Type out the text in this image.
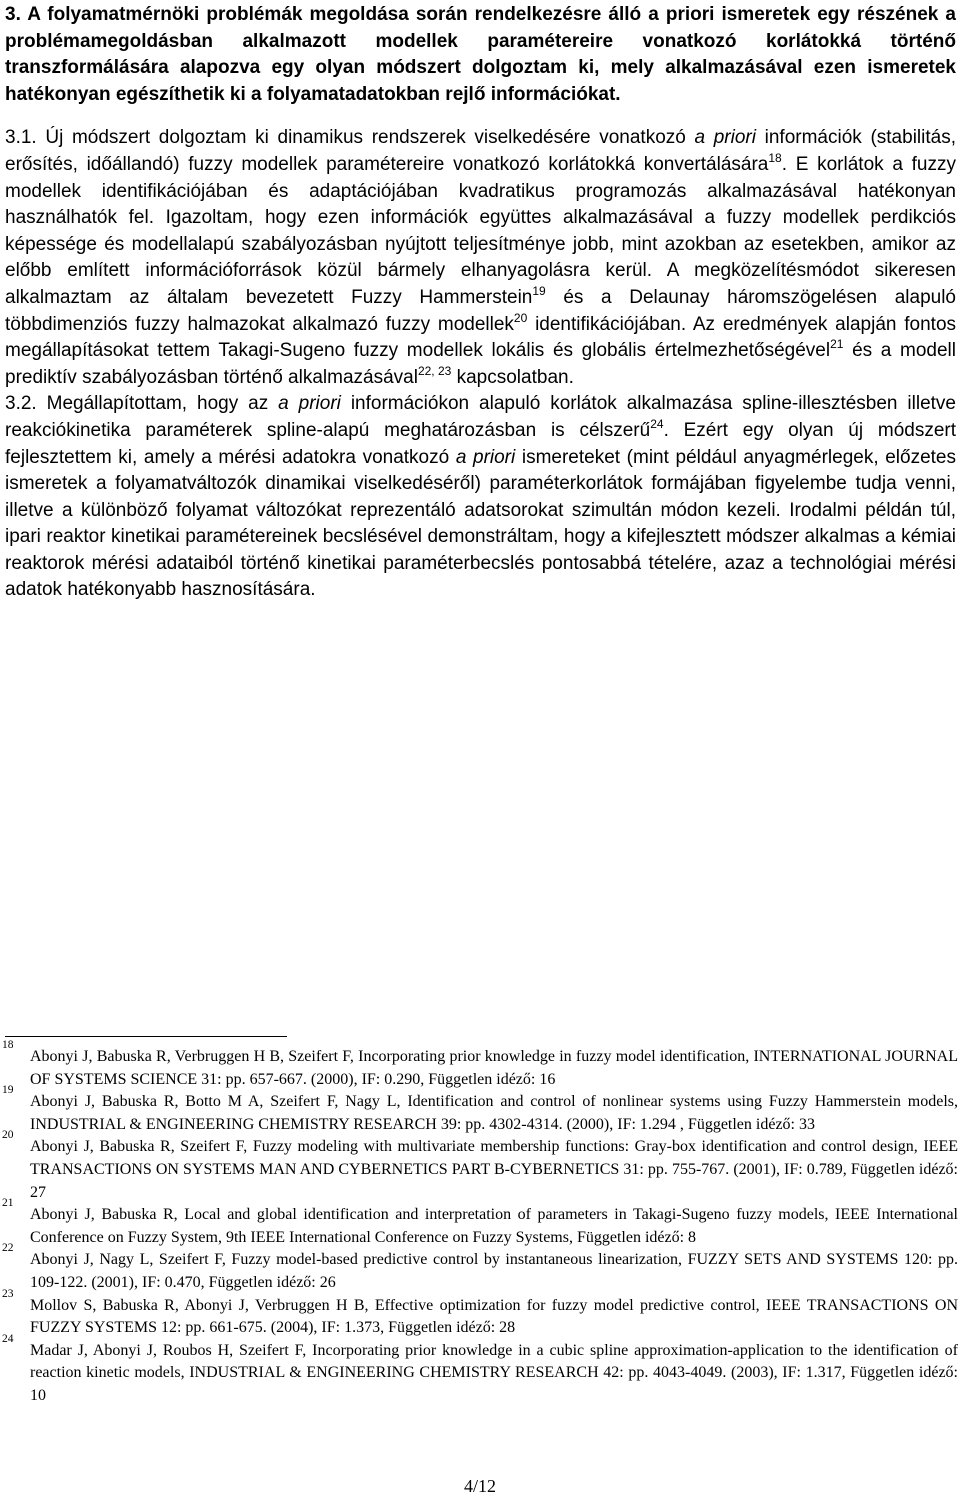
3. A folyamatmérnöki problémák megoldása során rendelkezésre álló a priori ismeretek egy részének a problémamegoldásban alkalmazott modellek paramétereire vonatkozó korlátokká történő transzformálására alapozva egy olyan módszert dolgoztam ki, mely alkalmazásával ezen ismeretek hatékonyan egészíthetik ki a folyamatadatokban rejlő információkat.

3.1. Új módszert dolgoztam ki dinamikus rendszerek viselkedésére vonatkozó a priori információk (stabilitás, erősítés, időállandó) fuzzy modellek paramétereire vonatkozó korlátokká konvertálására$^{18}$. E korlátok a fuzzy modellek identifikációjában és adaptációjában kvadratikus programozás alkalmazásával hatékonyan használhatók fel. Igazoltam, hogy ezen információk együttes alkalmazásával a fuzzy modellek perdikciós képessége és modellalapú szabályozásban nyújtott teljesítménye jobb, mint azokban az esetekben, amikor az előbb említett információforrások közül bármely elhanyagolásra kerül. A megközelítésmódot sikeresen alkalmaztam az általam bevezetett Fuzzy Hammerstein$^{19}$ és a Delaunay háromszögelésen alapuló többdimenziós fuzzy halmazokat alkalmazó fuzzy modellek$^{20}$ identifikációjában. Az eredmények alapján fontos megállapításokat tettem Takagi-Sugeno fuzzy modellek lokális és globális értelmezhetőségével$^{21}$ és a modell prediktív szabályozásban történő alkalmazásával$^{22, 23}$ kapcsolatban.

3.2. Megállapítottam, hogy az a priori információkon alapuló korlátok alkalmazása spline-illesztésben illetve reakciókinetika paraméterek spline-alapú meghatározásban is célszerű$^{24}$. Ezért egy olyan új módszert fejlesztettem ki, amely a mérési adatokra vonatkozó a priori ismereteket (mint például anyagmérlegek, előzetes ismeretek a folyamatváltozók dinamikai viselkedéséről) paraméterkorlátok formájában figyelembe tudja venni, illetve a különböző folyamat változókat reprezentáló adatsorokat szimultán módon kezeli. Irodalmi példán túl, ipari reaktor kinetikai paramétereinek becslésével demonstráltam, hogy a kifejlesztett módszer alkalmas a kémiai reaktorok mérési adataiból történő kinetikai paraméterbecslés pontosabbá tételére, azaz a technológiai mérési adatok hatékonyabb hasznosítására.

18
Abonyi J, Babuska R, Verbruggen H B, Szeifert F, Incorporating prior knowledge in fuzzy model identification, INTERNATIONAL JOURNAL OF SYSTEMS SCIENCE 31: pp. 657-667. (2000), IF: 0.290, Független idéző: 16
19
Abonyi J, Babuska R, Botto M A, Szeifert F, Nagy L, Identification and control of nonlinear systems using Fuzzy Hammerstein models, INDUSTRIAL & ENGINEERING CHEMISTRY RESEARCH 39: pp. 4302-4314. (2000), IF: 1.294 , Független idéző: 33
20
Abonyi J, Babuska R, Szeifert F, Fuzzy modeling with multivariate membership functions: Gray-box identification and control design, IEEE TRANSACTIONS ON SYSTEMS MAN AND CYBERNETICS PART B-CYBERNETICS 31: pp. 755-767. (2001), IF: 0.789, Független idéző: 27
21
Abonyi J, Babuska R, Local and global identification and interpretation of parameters in Takagi-Sugeno fuzzy models, IEEE International Conference on Fuzzy System, 9th IEEE International Conference on Fuzzy Systems, Független idéző: 8
22
Abonyi J, Nagy L, Szeifert F, Fuzzy model-based predictive control by instantaneous linearization, FUZZY SETS AND SYSTEMS 120: pp. 109-122. (2001), IF: 0.470, Független idéző: 26
23
Mollov S, Babuska R, Abonyi J, Verbruggen H B, Effective optimization for fuzzy model predictive control, IEEE TRANSACTIONS ON FUZZY SYSTEMS 12: pp. 661-675. (2004), IF: 1.373, Független idéző: 28
24
Madar J, Abonyi J, Roubos H, Szeifert F, Incorporating prior knowledge in a cubic spline approximation-application to the identification of reaction kinetic models, INDUSTRIAL & ENGINEERING CHEMISTRY RESEARCH 42: pp. 4043-4049. (2003), IF: 1.317, Független idéző: 10
4/12
